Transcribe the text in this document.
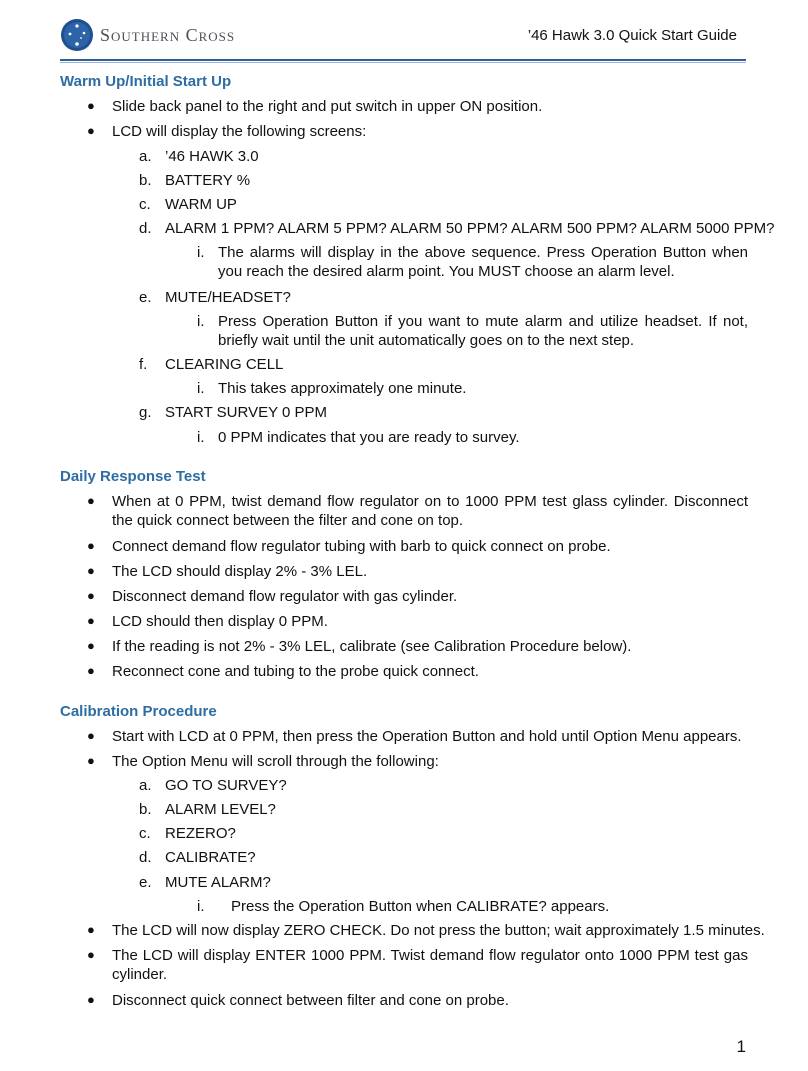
Southern Cross	’46 Hawk 3.0 Quick Start Guide
Warm Up/Initial Start Up
● Slide back panel to the right and put switch in upper ON position.
● LCD will display the following screens:
a. ’46 HAWK 3.0
b. BATTERY %
c. WARM UP
d. ALARM 1 PPM? ALARM 5 PPM? ALARM 50 PPM? ALARM 500 PPM? ALARM 5000 PPM?
i. The alarms will display in the above sequence. Press Operation Button when you reach the desired alarm point. You MUST choose an alarm level.
e. MUTE/HEADSET?
i. Press Operation Button if you want to mute alarm and utilize headset. If not, briefly wait until the unit automatically goes on to the next step.
f. CLEARING CELL
i. This takes approximately one minute.
g. START SURVEY 0 PPM
i. 0 PPM indicates that you are ready to survey.
Daily Response Test
● When at 0 PPM, twist demand flow regulator on to 1000 PPM test glass cylinder. Disconnect the quick connect between the filter and cone on top.
● Connect demand flow regulator tubing with barb to quick connect on probe.
● The LCD should display 2% - 3% LEL.
● Disconnect demand flow regulator with gas cylinder.
● LCD should then display 0 PPM.
● If the reading is not 2% - 3% LEL, calibrate (see Calibration Procedure below).
● Reconnect cone and tubing to the probe quick connect.
Calibration Procedure
● Start with LCD at 0 PPM, then press the Operation Button and hold until Option Menu appears.
● The Option Menu will scroll through the following:
a. GO TO SURVEY?
b. ALARM LEVEL?
c. REZERO?
d. CALIBRATE?
e. MUTE ALARM?
i. Press the Operation Button when CALIBRATE? appears.
● The LCD will now display ZERO CHECK. Do not press the button; wait approximately 1.5 minutes.
● The LCD will display ENTER 1000 PPM. Twist demand flow regulator onto 1000 PPM test gas cylinder.
● Disconnect quick connect between filter and cone on probe.
1
